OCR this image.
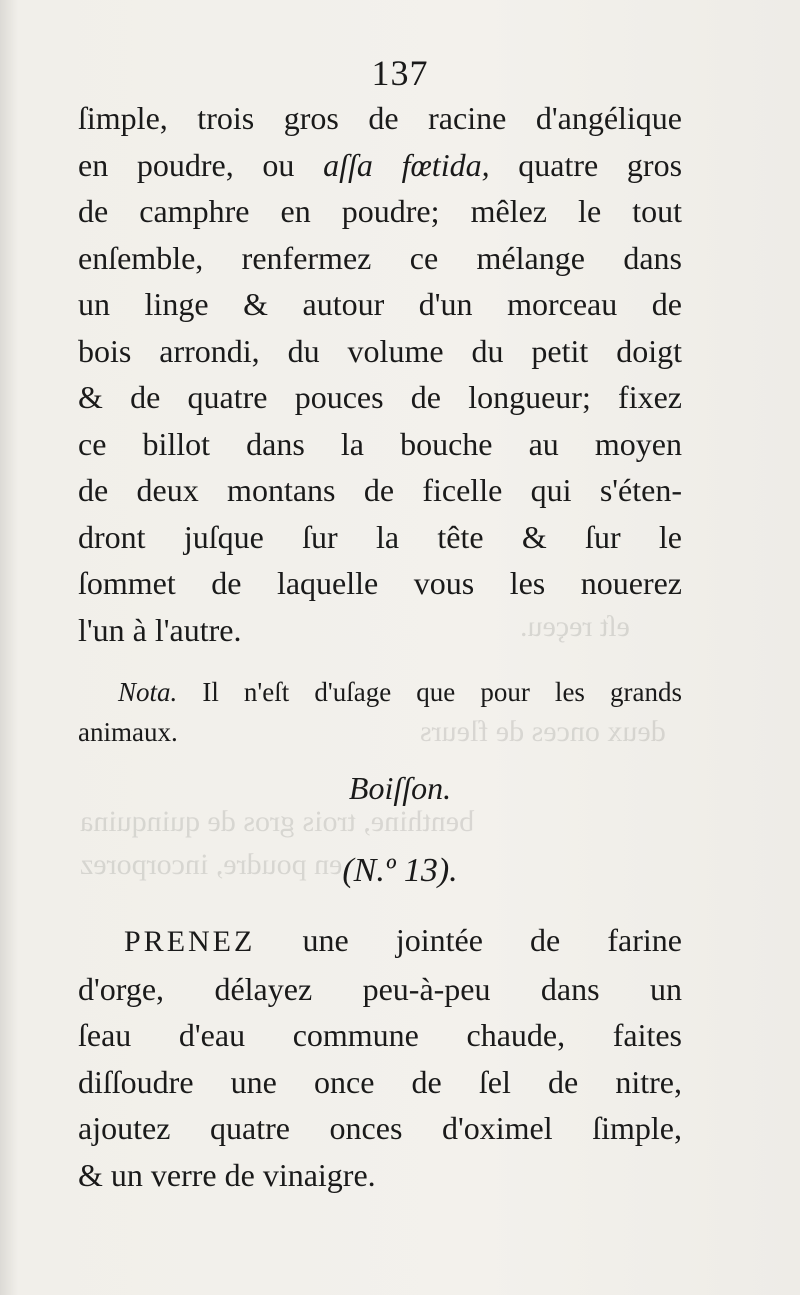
eſt reçeu.
deux onces de fleurs
benthine, trois gros de quinquina
en poudre, incorporez
137
ſimple, trois gros de racine d'angélique
en poudre, ou aſſa fœtida, quatre gros
de camphre en poudre; mêlez le tout
enſemble, renfermez ce mélange dans
un linge & autour d'un morceau de
bois arrondi, du volume du petit doigt
& de quatre pouces de longueur; fixez
ce billot dans la bouche au moyen
de deux montans de ficelle qui s'éten-
dront juſque ſur la tête & ſur le
ſommet de laquelle vous les nouerez
l'un à l'autre.
Nota. Il n'eſt d'uſage que pour les grands
animaux.
Boiſſon.
(N.º 13).
PRENEZ une jointée de farine
d'orge, délayez peu-à-peu dans un
ſeau d'eau commune chaude, faites
diſſoudre une once de ſel de nitre,
ajoutez quatre onces d'oximel ſimple,
& un verre de vinaigre.
